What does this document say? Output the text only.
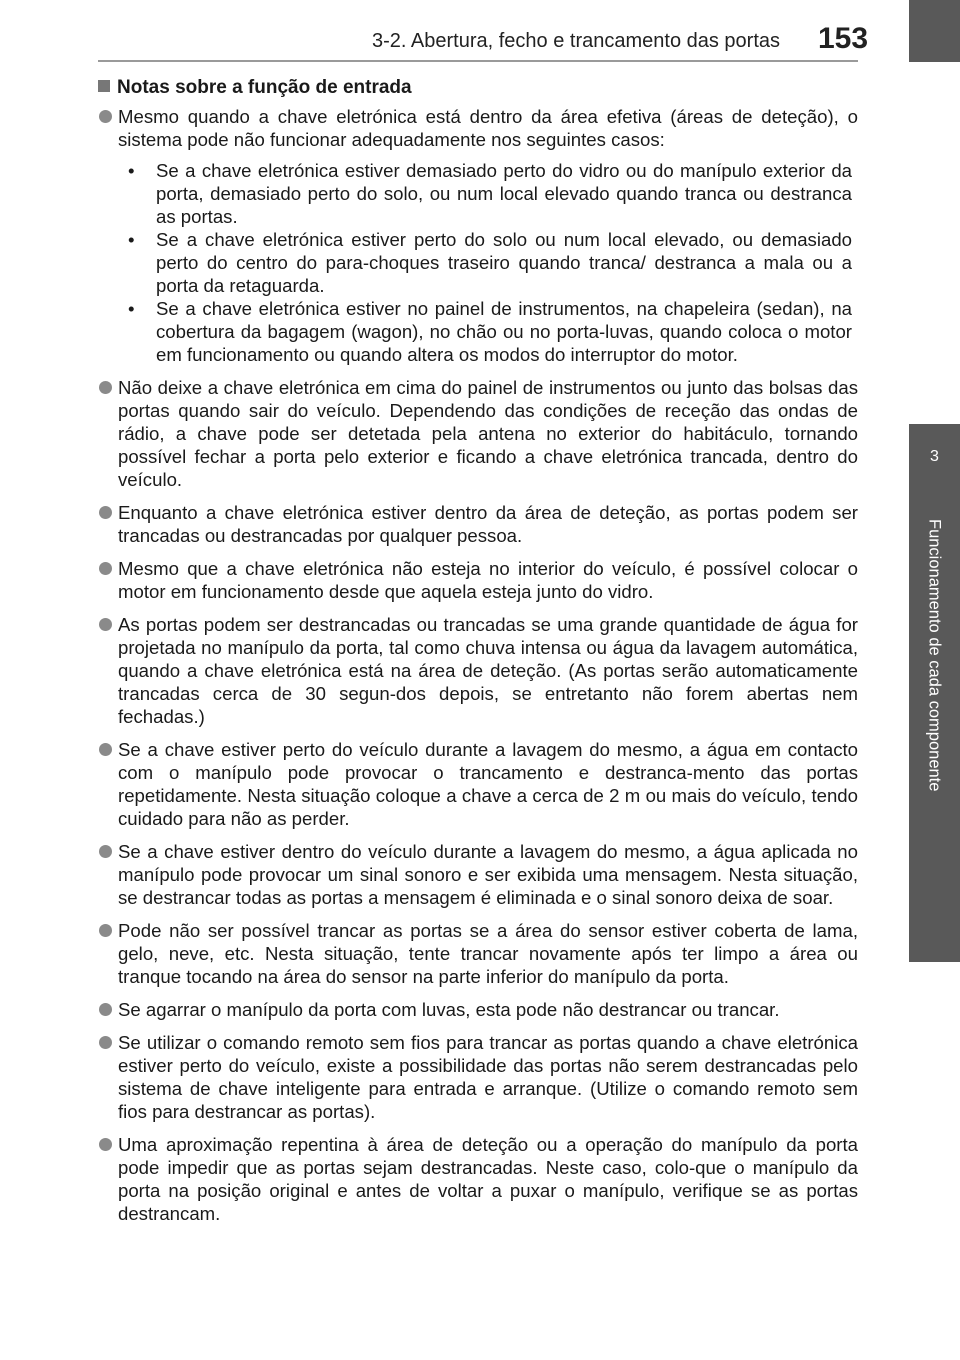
3-2. Abertura, fecho e trancamento das portas 153
3
Funcionamento de cada componente
Notas sobre a função de entrada
Mesmo quando a chave eletrónica está dentro da área efetiva (áreas de deteção), o sistema pode não funcionar adequadamente nos seguintes casos:
• Se a chave eletrónica estiver demasiado perto do vidro ou do manípulo exterior da porta, demasiado perto do solo, ou num local elevado quando tranca ou destranca as portas.
• Se a chave eletrónica estiver perto do solo ou num local elevado, ou demasiado perto do centro do para-choques traseiro quando tranca/ destranca a mala ou a porta da retaguarda.
• Se a chave eletrónica estiver no painel de instrumentos, na chapeleira (sedan), na cobertura da bagagem (wagon), no chão ou no porta-luvas, quando coloca o motor em funcionamento ou quando altera os modos do interruptor do motor.
Não deixe a chave eletrónica em cima do painel de instrumentos ou junto das bolsas das portas quando sair do veículo. Dependendo das condições de receção das ondas de rádio, a chave pode ser detetada pela antena no exterior do habitáculo, tornando possível fechar a porta pelo exterior e ficando a chave eletrónica trancada, dentro do veículo.
Enquanto a chave eletrónica estiver dentro da área de deteção, as portas podem ser trancadas ou destrancadas por qualquer pessoa.
Mesmo que a chave eletrónica não esteja no interior do veículo, é possível colocar o motor em funcionamento desde que aquela esteja junto do vidro.
As portas podem ser destrancadas ou trancadas se uma grande quantidade de água for projetada no manípulo da porta, tal como chuva intensa ou água da lavagem automática, quando a chave eletrónica está na área de deteção. (As portas serão automaticamente trancadas cerca de 30 segun-dos depois, se entretanto não forem abertas nem fechadas.)
Se a chave estiver perto do veículo durante a lavagem do mesmo, a água em contacto com o manípulo pode provocar o trancamento e destranca-mento das portas repetidamente. Nesta situação coloque a chave a cerca de 2 m ou mais do veículo, tendo cuidado para não as perder.
Se a chave estiver dentro do veículo durante a lavagem do mesmo, a água aplicada no manípulo pode provocar um sinal sonoro e ser exibida uma mensagem. Nesta situação, se destrancar todas as portas a mensagem é eliminada e o sinal sonoro deixa de soar.
Pode não ser possível trancar as portas se a área do sensor estiver coberta de lama, gelo, neve, etc. Nesta situação, tente trancar novamente após ter limpo a área ou tranque tocando na área do sensor na parte inferior do manípulo da porta.
Se agarrar o manípulo da porta com luvas, esta pode não destrancar ou trancar.
Se utilizar o comando remoto sem fios para trancar as portas quando a chave eletrónica estiver perto do veículo, existe a possibilidade das portas não serem destrancadas pelo sistema de chave inteligente para entrada e arranque. (Utilize o comando remoto sem fios para destrancar as portas).
Uma aproximação repentina à área de deteção ou a operação do manípulo da porta pode impedir que as portas sejam destrancadas. Neste caso, colo-que o manípulo da porta na posição original e antes de voltar a puxar o manípulo, verifique se as portas destrancam.
